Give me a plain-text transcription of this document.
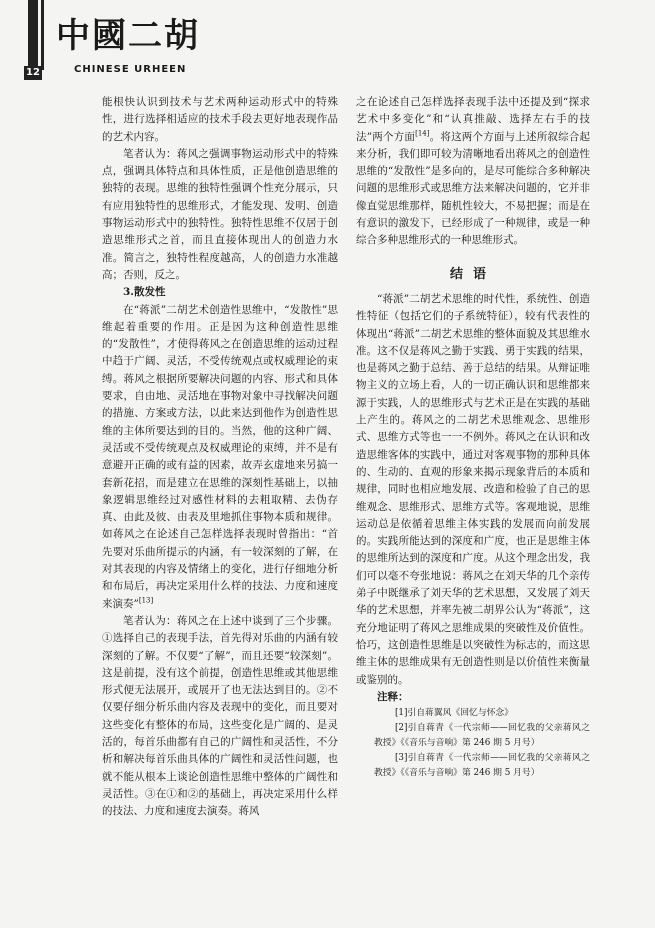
12
中國二胡
CHINESE URHEEN

能根快认识到技术与艺术两种运动形式中的特殊性，进行选择相适应的技术手段去更好地表现作品的艺术内容。

笔者认为：蒋风之强调事物运动形式中的特殊点，强调具体特点和具体性质，正是他创造思维的独特的表现。思维的独特性强调个性充分展示，只有应用独特性的思维形式，才能发现、发明、创造事物运动形式中的独特性。独特性思维不仅居于创造思维形式之首，而且直接体现出人的创造力水准。简言之，独特性程度越高，人的创造力水准越高；否则，反之。

3.散发性

在“蒋派”二胡艺术创造性思维中，“发散性”思维起着重要的作用。正是因为这种创造性思维的“发散性”，才使得蒋风之在创造思维的运动过程中趋于广阔、灵活，不受传统观点或权威理论的束缚。蒋风之根据所要解决问题的内容、形式和具体要求，自由地、灵活地在事物对象中寻找解决问题的措施、方案或方法，以此来达到他作为创造性思维的主体所要达到的目的。当然，他的这种广阔、灵活或不受传统观点及权威理论的束缚，并不是有意避开正确的或有益的因素，故弄玄虚地来另搞一套新花招，而是建立在思维的深刻性基础上，以抽象逻辑思维经过对感性材料的去粗取精、去伪存真、由此及彼、由表及里地抓住事物本质和规律。如蒋风之在论述自己怎样选择表现时曾指出：“首先要对乐曲所提示的内涵，有一较深刻的了解，在对其表现的内容及情绪上的变化，进行仔细地分析和布局后，再决定采用什么样的技法、力度和速度来演奏”[13]

笔者认为：蒋风之在上述中谈到了三个步骤。①选择自己的表现手法，首先得对乐曲的内涵有较深刻的了解。不仅要“了解”，而且还要“较深刻”。这是前提，没有这个前提，创造性思维或其他思维形式便无法展开，或展开了也无法达到目的。②不仅要仔细分析乐曲内容及表现中的变化，而且要对这些变化有整体的布局，这些变化是广阔的、是灵活的，每首乐曲都有自己的广阔性和灵活性，不分析和解决每首乐曲具体的广阔性和灵活性问题，也就不能从根本上谈论创造性思维中整体的广阔性和灵活性。③在①和②的基础上，再决定采用什么样的技法、力度和速度去演奏。蒋风

之在论述自己怎样选择表现手法中还提及到“探求艺术中多变化”和“认真推敲、选择左右手的技法”两个方面[14]。将这两个方面与上述所叙综合起来分析，我们即可较为清晰地看出蒋风之的创造性思维的“发散性”是多向的，是尽可能综合多种解决问题的思维形式或思维方法来解决问题的，它并非像直觉思维那样，随机性较大，不易把握；而是在有意识的激发下，已经形成了一种规律，或是一种综合多种思维形式的一种思维形式。

结语

“蒋派”二胡艺术思维的时代性，系统性、创造性特征（包括它们的子系统特征），较有代表性的体现出“蒋派”二胡艺术思维的整体面貌及其思维水准。这不仅是蒋风之勤于实践、勇于实践的结果，也是蒋风之勤于总结、善于总结的结果。从辩证唯物主义的立场上看，人的一切正确认识和思维都来源于实践，人的思维形式与艺术正是在实践的基础上产生的。蒋风之的二胡艺术思维观念、思维形式、思维方式等也一一不例外。蒋风之在认识和改造思维客体的实践中，通过对客观事物的那种具体的、生动的、直观的形象来揭示现象背后的本质和规律，同时也相应地发展、改造和检验了自己的思维观念、思维形式、思维方式等。客观地说，思维运动总是依循着思维主体实践的发展而向前发展的。实践所能达到的深度和广度，也正是思维主体的思维所达到的深度和广度。从这个理念出发，我们可以毫不夸张地说：蒋风之在刘天华的几个亲传弟子中既继承了刘天华的艺术思想，又发展了刘天华的艺术思想，并率先被二胡界公认为“蒋派”，这充分地证明了蒋风之思维成果的突破性及价值性。恰巧，这创造性思维是以突破性为标志的，而这思维主体的思维成果有无创造性则是以价值性来衡量或鉴别的。

注释：

[1]引自蒋翼风《回忆与怀念》

[2]引自蒋青《一代宗师——回忆我的父亲蒋风之教授》《《音乐与音响》第 246 期 5 月号）

[3]引自蒋青《一代宗师——回忆我的父亲蒋风之教授》《《音乐与音响》第 246 期 5 月号）
